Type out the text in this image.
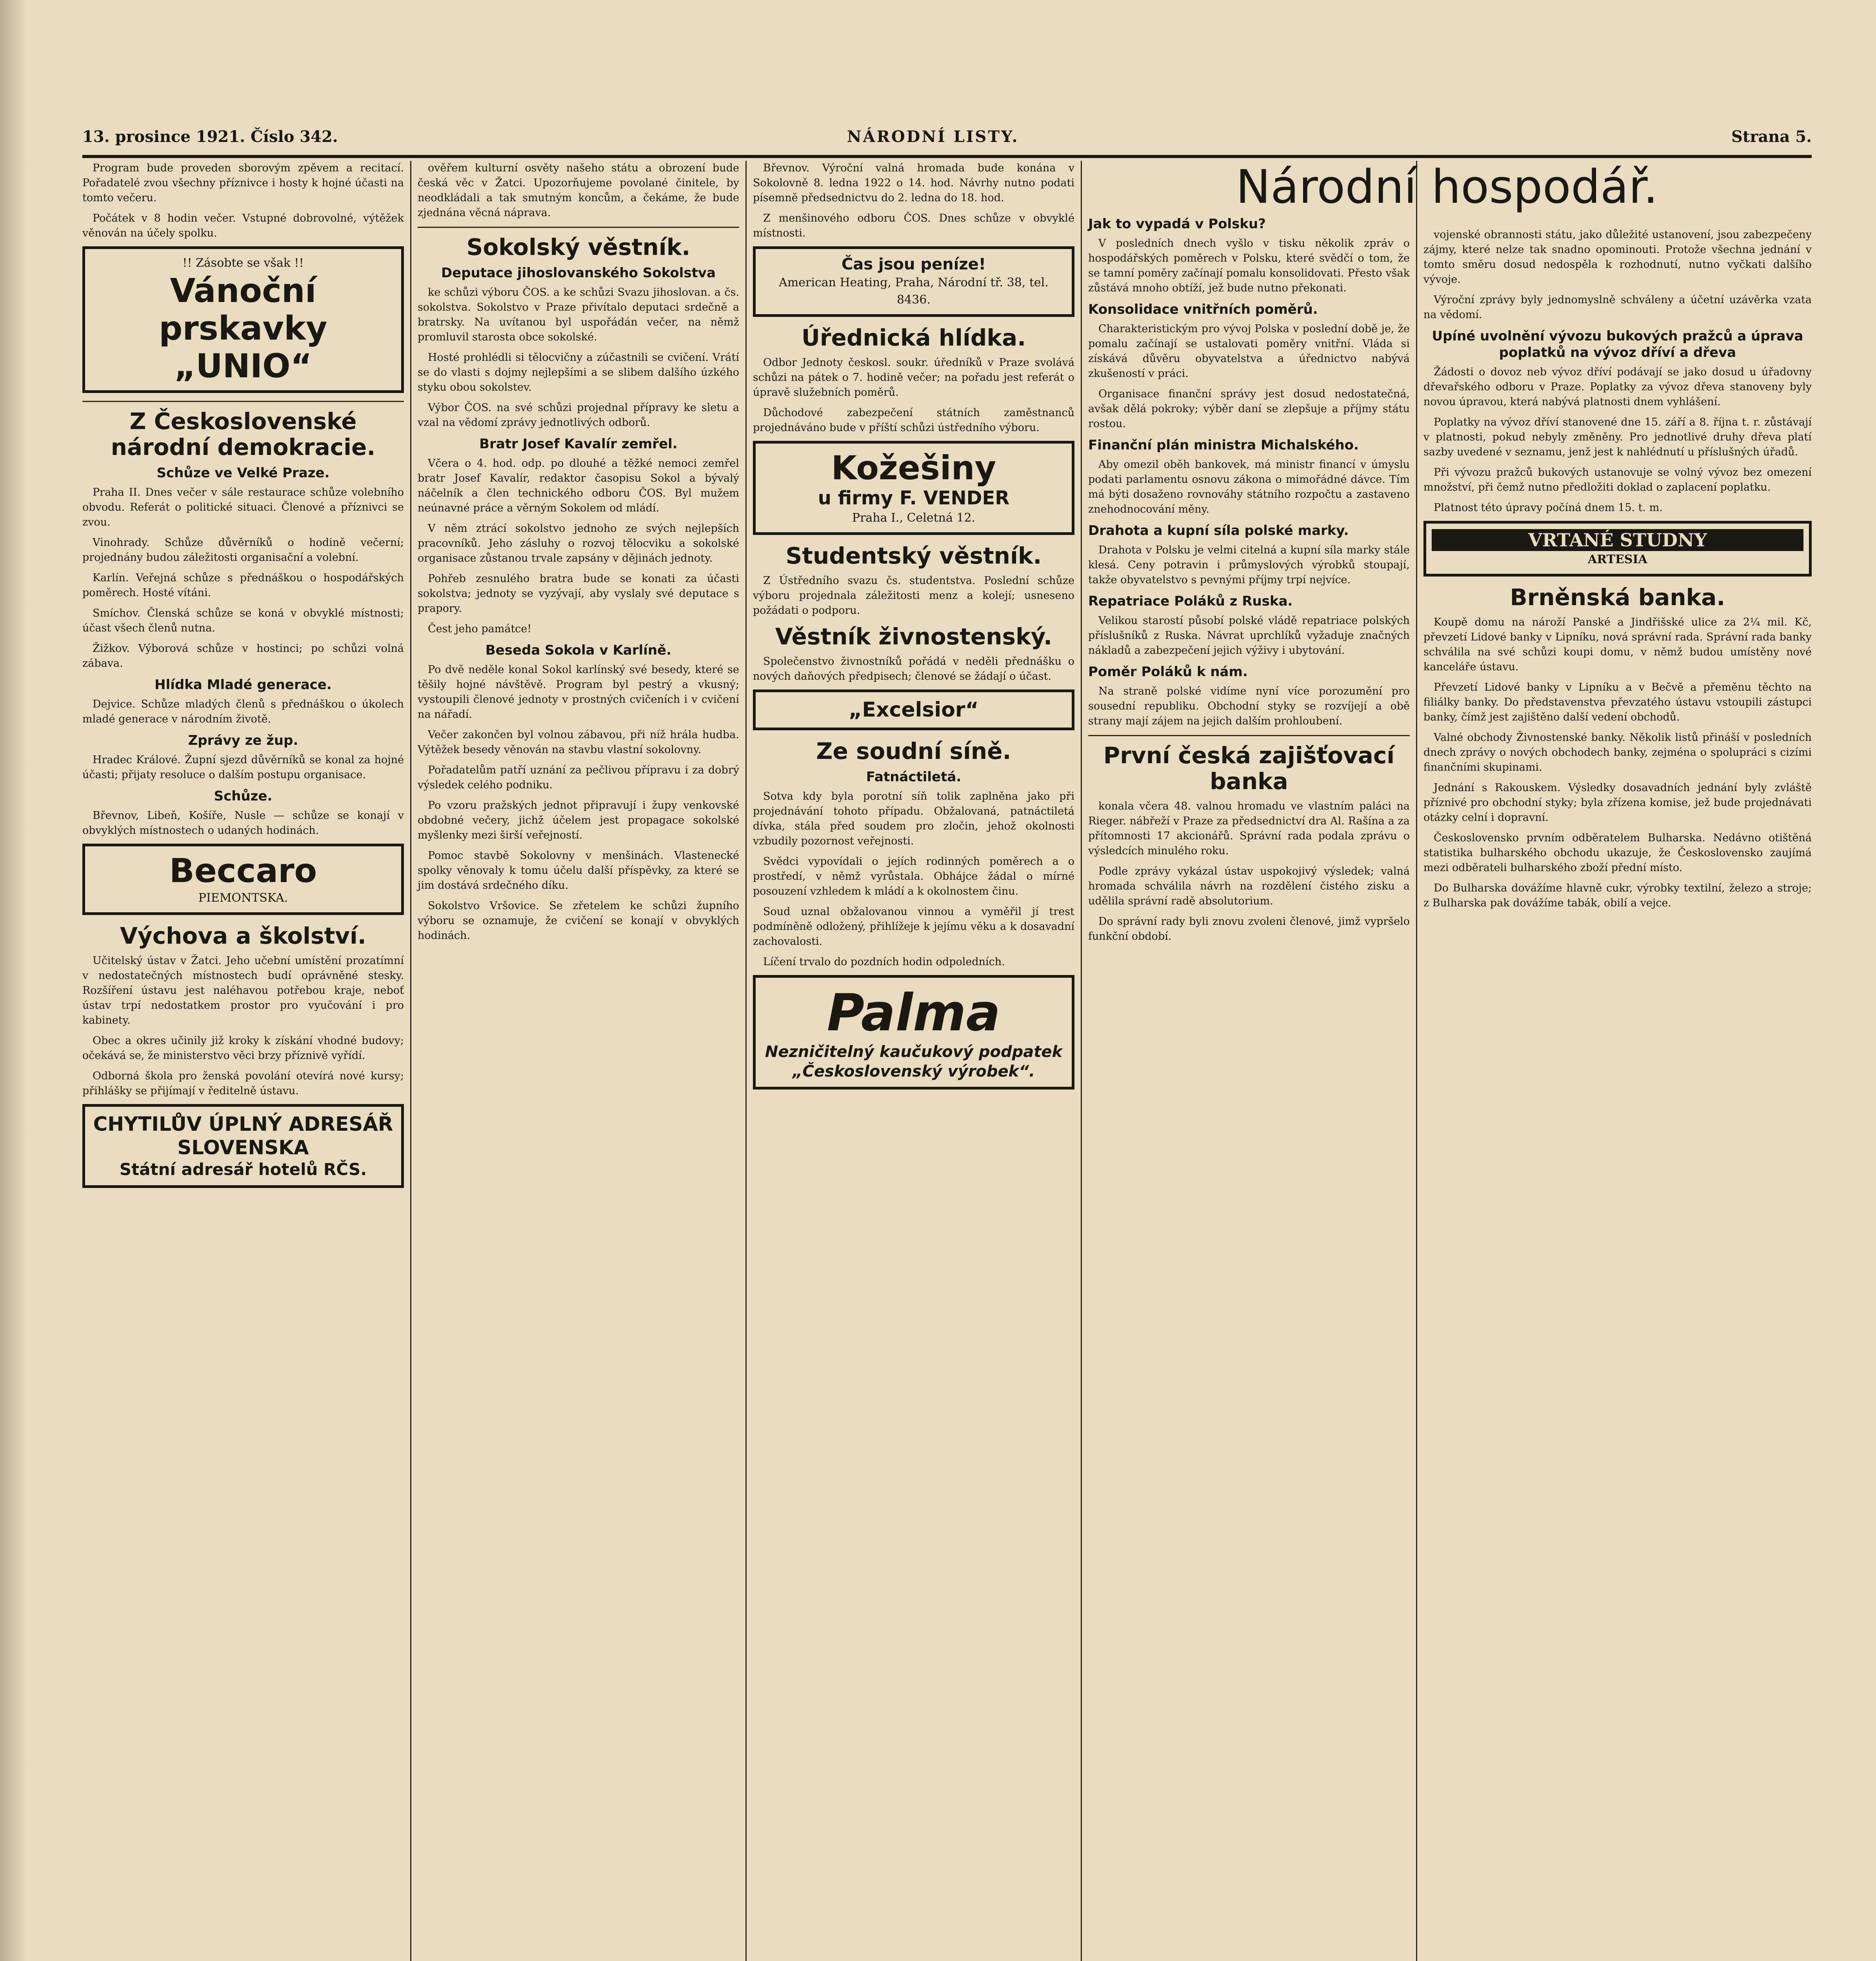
13. prosince 1921. Číslo 342.	NÁRODNÍ LISTY.	Strana 5.

Program bude proveden sborovým zpěvem a recitací. Pořadatelé zvou všechny příznivce i hosty k hojné účasti na tomto večeru.

Počátek v 8 hodin večer. Vstupné dobrovolné, výtěžek věnován na účely spolku.

!! Zásobte se však !!
Vánoční prskavky „UNIO“
Z Československé národní demokracie.
Schůze ve Velké Praze.

Praha II. Dnes večer v sále restaurace schůze volebního obvodu. Referát o politické situaci. Členové a příznivci se zvou.

Vinohrady. Schůze důvěrníků o hodině večerní; projednány budou záležitosti organisační a volební.

Karlín. Veřejná schůze s přednáškou o hospodářských poměrech. Hosté vítáni.

Smíchov. Členská schůze se koná v obvyklé místnosti; účast všech členů nutna.

Žižkov. Výborová schůze v hostinci; po schůzi volná zábava.

Hlídka Mladé generace.

Dejvice. Schůze mladých členů s přednáškou o úkolech mladé generace v národním životě.

Zprávy ze žup.

Hradec Králové. Župní sjezd důvěrníků se konal za hojné účasti; přijaty resoluce o dalším postupu organisace.

Schůze.

Břevnov, Libeň, Košíře, Nusle — schůze se konají v obvyklých místnostech o udaných hodinách.

Beccaro
PIEMONTSKA.
Výchova a školství.

Učitelský ústav v Žatci. Jeho učební umístění prozatímní v nedostatečných místnostech budí oprávněné stesky. Rozšíření ústavu jest naléhavou potřebou kraje, neboť ústav trpí nedostatkem prostor pro vyučování i pro kabinety.

Obec a okres učinily již kroky k získání vhodné budovy; očekává se, že ministerstvo věci brzy příznivě vyřídí.

Odborná škola pro ženská povolání otevírá nové kursy; přihlášky se přijímají v ředitelně ústavu.

CHYTILŮV ÚPLNÝ ADRESÁŘ SLOVENSKA
Státní adresář hotelů RČS.

ověřem kulturní osvěty našeho státu a obrození bude česká věc v Žatci. Upozorňujeme povolané činitele, by neodkládali a tak smutným koncům, a čekáme, že bude zjednána věcná náprava.

Sokolský věstník.
Deputace jihoslovanského Sokolstva

ke schůzi výboru ČOS. a ke schůzi Svazu jihoslovan. a čs. sokolstva. Sokolstvo v Praze přivítalo deputaci srdečně a bratrsky. Na uvítanou byl uspořádán večer, na němž promluvil starosta obce sokolské.

Hosté prohlédli si tělocvičny a zúčastnili se cvičení. Vrátí se do vlasti s dojmy nejlepšími a se slibem dalšího úzkého styku obou sokolstev.

Výbor ČOS. na své schůzi projednal přípravy ke sletu a vzal na vědomí zprávy jednotlivých odborů.

Bratr Josef Kavalír zemřel.

Včera o 4. hod. odp. po dlouhé a těžké nemoci zemřel bratr Josef Kavalír, redaktor časopisu Sokol a bývalý náčelník a člen technického odboru ČOS. Byl mužem neúnavné práce a věrným Sokolem od mládí.

V něm ztrácí sokolstvo jednoho ze svých nejlepších pracovníků. Jeho zásluhy o rozvoj tělocviku a sokolské organisace zůstanou trvale zapsány v dějinách jednoty.

Pohřeb zesnulého bratra bude se konati za účasti sokolstva; jednoty se vyzývají, aby vyslaly své deputace s prapory.

Čest jeho památce!

Beseda Sokola v Karlíně.

Po dvě neděle konal Sokol karlínský své besedy, které se těšily hojné návštěvě. Program byl pestrý a vkusný; vystoupili členové jednoty v prostných cvičeních i v cvičení na nářadí.

Večer zakončen byl volnou zábavou, při níž hrála hudba. Výtěžek besedy věnován na stavbu vlastní sokolovny.

Pořadatelům patří uznání za pečlivou přípravu i za dobrý výsledek celého podniku.

Po vzoru pražských jednot připravují i župy venkovské obdobné večery, jichž účelem jest propagace sokolské myšlenky mezi širší veřejností.

Pomoc stavbě Sokolovny v menšinách. Vlastenecké spolky věnovaly k tomu účelu další příspěvky, za které se jim dostává srdečného díku.

Sokolstvo Vršovice. Se zřetelem ke schůzi župního výboru se oznamuje, že cvičení se konají v obvyklých hodinách.

Břevnov. Výroční valná hromada bude konána v Sokolovně 8. ledna 1922 o 14. hod. Návrhy nutno podati písemně předsednictvu do 2. ledna do 18. hod.

Z menšinového odboru ČOS. Dnes schůze v obvyklé místnosti.

Čas jsou peníze!
American Heating, Praha, Národní tř. 38, tel. 8436.
Úřednická hlídka.

Odbor Jednoty českosl. soukr. úředníků v Praze svolává schůzi na pátek o 7. hodině večer; na pořadu jest referát o úpravě služebních poměrů.

Důchodové zabezpečení státních zaměstnanců projednáváno bude v příští schůzi ústředního výboru.

Kožešiny
u firmy F. VENDER
Praha I., Celetná 12.
Studentský věstník.

Z Ústředního svazu čs. studentstva. Poslední schůze výboru projednala záležitosti menz a kolejí; usneseno požádati o podporu.

Věstník živnostenský.

Společenstvo živnostníků pořádá v neděli přednášku o nových daňových předpisech; členové se žádají o účast.

„Excelsior“
Ze soudní síně.
Fatnáctiletá.

Sotva kdy byla porotní síň tolik zaplněna jako při projednávání tohoto případu. Obžalovaná, patnáctiletá dívka, stála před soudem pro zločin, jehož okolnosti vzbudily pozornost veřejnosti.

Svědci vypovídali o jejích rodinných poměrech a o prostředí, v němž vyrůstala. Obhájce žádal o mírné posouzení vzhledem k mládí a k okolnostem činu.

Soud uznal obžalovanou vinnou a vyměřil jí trest podmíněně odložený, přihlížeje k jejímu věku a k dosavadní zachovalosti.

Líčení trvalo do pozdních hodin odpoledních.

Palma
Nezničitelný kaučukový podpatek
„Československý výrobek“.
Národní hospodář.
Jak to vypadá v Polsku?

V posledních dnech vyšlo v tisku několik zpráv o hospodářských poměrech v Polsku, které svědčí o tom, že se tamní poměry začínají pomalu konsolidovati. Přesto však zůstává mnoho obtíží, jež bude nutno překonati.

Konsolidace vnitřních poměrů.

Charakteristickým pro vývoj Polska v poslední době je, že pomalu začínají se ustalovati poměry vnitřní. Vláda si získává důvěru obyvatelstva a úřednictvo nabývá zkušeností v práci.

Organisace finanční správy jest dosud nedostatečná, avšak dělá pokroky; výběr daní se zlepšuje a příjmy státu rostou.

Finanční plán ministra Michalského.

Aby omezil oběh bankovek, má ministr financí v úmyslu podati parlamentu osnovu zákona o mimořádné dávce. Tím má býti dosaženo rovnováhy státního rozpočtu a zastaveno znehodnocování měny.

Drahota a kupní síla polské marky.

Drahota v Polsku je velmi citelná a kupní síla marky stále klesá. Ceny potravin i průmyslových výrobků stoupají, takže obyvatelstvo s pevnými příjmy trpí nejvíce.

Repatriace Poláků z Ruska.

Velikou starostí působí polské vládě repatriace polských příslušníků z Ruska. Návrat uprchlíků vyžaduje značných nákladů a zabezpečení jejich výživy i ubytování.

Poměr Poláků k nám.

Na straně polské vidíme nyní více porozumění pro sousední republiku. Obchodní styky se rozvíjejí a obě strany mají zájem na jejich dalším prohloubení.

První česká zajišťovací banka

konala včera 48. valnou hromadu ve vlastním paláci na Rieger. nábřeží v Praze za předsednictví dra Al. Rašína a za přítomnosti 17 akcionářů. Správní rada podala zprávu o výsledcích minulého roku.

Podle zprávy vykázal ústav uspokojivý výsledek; valná hromada schválila návrh na rozdělení čistého zisku a udělila správní radě absolutorium.

Do správní rady byli znovu zvoleni členové, jimž vypršelo funkční období.

vojenské obrannosti státu, jako důležité ustanovení, jsou zabezpečeny zájmy, které nelze tak snadno opominouti. Protože všechna jednání v tomto směru dosud nedospěla k rozhodnutí, nutno vyčkati dalšího vývoje.

Výroční zprávy byly jednomyslně schváleny a účetní uzávěrka vzata na vědomí.

Upíné uvolnění vývozu bukových pražců a úprava poplatků na vývoz dříví a dřeva

Žádosti o dovoz neb vývoz dříví podávají se jako dosud u úřadovny dřevařského odboru v Praze. Poplatky za vývoz dřeva stanoveny byly novou úpravou, která nabývá platnosti dnem vyhlášení.

Poplatky na vývoz dříví stanovené dne 15. září a 8. října t. r. zůstávají v platnosti, pokud nebyly změněny. Pro jednotlivé druhy dřeva platí sazby uvedené v seznamu, jenž jest k nahlédnutí u příslušných úřadů.

Při vývozu pražců bukových ustanovuje se volný vývoz bez omezení množství, při čemž nutno předložiti doklad o zaplacení poplatku.

Platnost této úpravy počíná dnem 15. t. m.

VRTANÉ STUDNY
ARTESIA
Brněnská banka.

Koupě domu na nároží Panské a Jindřišské ulice za 2¼ mil. Kč, převzetí Lidové banky v Lipníku, nová správní rada. Správní rada banky schválila na své schůzi koupi domu, v němž budou umístěny nové kanceláře ústavu.

Převzetí Lidové banky v Lipníku a v Bečvě a přeměnu těchto na filiálky banky. Do představenstva převzatého ústavu vstoupili zástupci banky, čímž jest zajištěno další vedení obchodů.

Valné obchody Živnostenské banky. Několik listů přináší v posledních dnech zprávy o nových obchodech banky, zejména o spolupráci s cizími finančními skupinami.

Jednání s Rakouskem. Výsledky dosavadních jednání byly zvláště příznivé pro obchodní styky; byla zřízena komise, jež bude projednávati otázky celní i dopravní.

Československo prvním odběratelem Bulharska. Nedávno otištěná statistika bulharského obchodu ukazuje, že Československo zaujímá mezi odběrateli bulharského zboží přední místo.

Do Bulharska dovážíme hlavně cukr, výrobky textilní, železo a stroje; z Bulharska pak dovážíme tabák, obilí a vejce.
